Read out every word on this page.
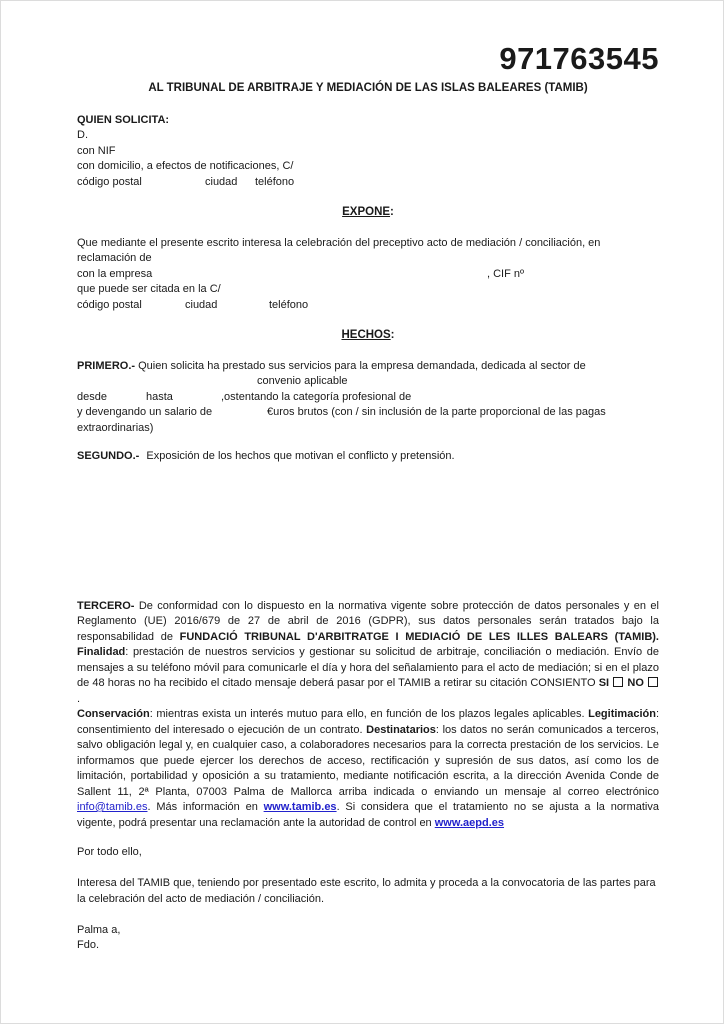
971763545
AL TRIBUNAL DE ARBITRAJE Y MEDIACIÓN DE LAS ISLAS BALEARES (TAMIB)
QUIEN SOLICITA:
D.
con NIF
con domicilio, a efectos de notificaciones, C/
código postal	ciudad teléfono
EXPONE:
Que mediante el presente escrito interesa la celebración del preceptivo acto de mediación / conciliación, en
reclamación de
con la empresa	, CIF nº
que puede ser citada en la C/
código postal	ciudad	teléfono
HECHOS:
PRIMERO.- Quien solicita ha prestado sus servicios para la empresa demandada, dedicada al sector de
convenio aplicable
desde	hasta	,ostentando la categoría profesional de
y devengando un salario de	€uros brutos (con / sin inclusión de la parte proporcional de las pagas
extraordinarias)
SEGUNDO.- Exposición de los hechos que motivan el conflicto y pretensión.

TERCERO- De conformidad con lo dispuesto en la normativa vigente sobre protección de datos personales y en el Reglamento (UE) 2016/679 de 27 de abril de 2016 (GDPR), sus datos personales serán tratados bajo la responsabilidad de FUNDACIÓ TRIBUNAL D'ARBITRATGE I MEDIACIÓ DE LES ILLES BALEARS (TAMIB). Finalidad: prestación de nuestros servicios y gestionar su solicitud de arbitraje, conciliación o mediación. Envío de mensajes a su teléfono móvil para comunicarle el día y hora del señalamiento para el acto de mediación; si en el plazo de 48 horas no ha recibido el citado mensaje deberá pasar por el TAMIB a retirar su citación CONSIENTO SI NO .

Conservación: mientras exista un interés mutuo para ello, en función de los plazos legales aplicables. Legitimación: consentimiento del interesado o ejecución de un contrato. Destinatarios: los datos no serán comunicados a terceros, salvo obligación legal y, en cualquier caso, a colaboradores necesarios para la correcta prestación de los servicios. Le informamos que puede ejercer los derechos de acceso, rectificación y supresión de sus datos, así como los de limitación, portabilidad y oposición a su tratamiento, mediante notificación escrita, a la dirección Avenida Conde de Sallent 11, 2ª Planta, 07003 Palma de Mallorca arriba indicada o enviando un mensaje al correo electrónico info@tamib.es. Más información en www.tamib.es. Si considera que el tratamiento no se ajusta a la normativa vigente, podrá presentar una reclamación ante la autoridad de control en www.aepd.es

Por todo ello,

Interesa del TAMIB que, teniendo por presentado este escrito, lo admita y proceda a la convocatoria de las partes para la celebración del acto de mediación / conciliación.

Palma a,
Fdo.
